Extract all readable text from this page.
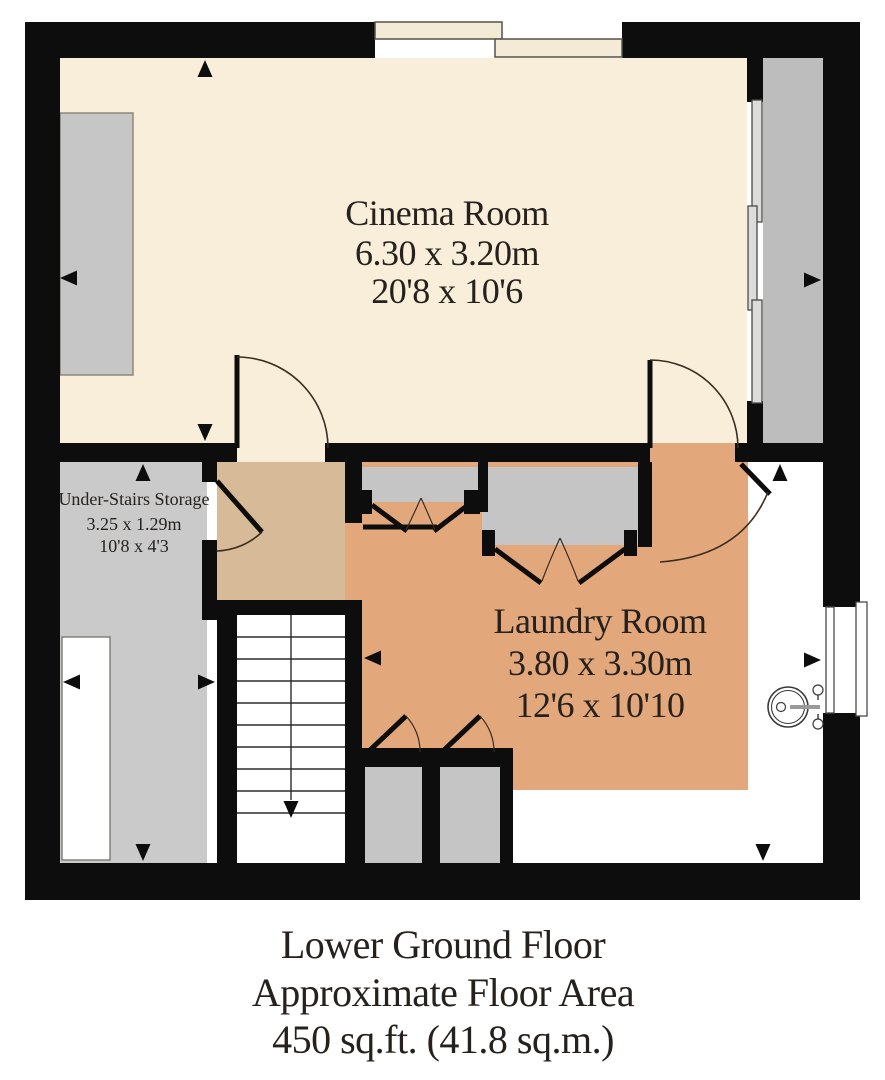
Cinema Room
6.30 x 3.20m
20'8 x 10'6
Laundry Room
3.80 x 3.30m
12'6 x 10'10
Under-Stairs Storage
3.25 x 1.29m
10'8 x 4'3
Lower Ground Floor
Approximate Floor Area
450 sq.ft. (41.8 sq.m.)
